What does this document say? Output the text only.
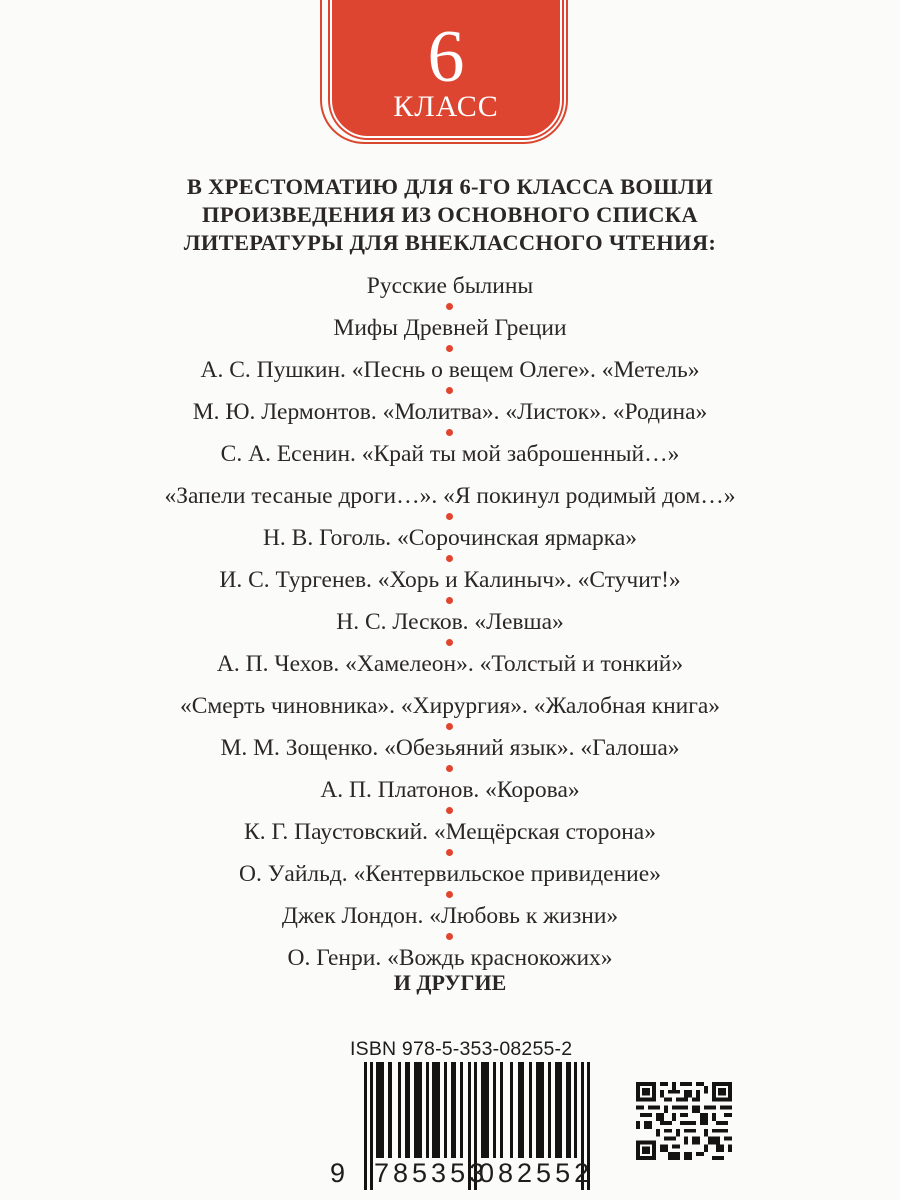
6
КЛАСС
В ХРЕСТОМАТИЮ ДЛЯ 6-ГО КЛАССА ВОШЛИ
ПРОИЗВЕДЕНИЯ ИЗ ОСНОВНОГО СПИСКА
ЛИТЕРАТУРЫ ДЛЯ ВНЕКЛАССНОГО ЧТЕНИЯ:
Русские былины
Мифы Древней Греции
А. С. Пушкин. «Песнь о вещем Олеге». «Метель»
М. Ю. Лермонтов. «Молитва». «Листок». «Родина»
С. А. Есенин. «Край ты мой заброшенный…»
«Запели тесаные дроги…». «Я покинул родимый дом…»
Н. В. Гоголь. «Сорочинская ярмарка»
И. С. Тургенев. «Хорь и Калиныч». «Стучит!»
Н. С. Лесков. «Левша»
А. П. Чехов. «Хамелеон». «Толстый и тонкий»
«Смерть чиновника». «Хирургия». «Жалобная книга»
М. М. Зощенко. «Обезьяний язык». «Галоша»
А. П. Платонов. «Корова»
К. Г. Паустовский. «Мещёрская сторона»
О. Уайльд. «Кентервильское привидение»
Джек Лондон. «Любовь к жизни»
О. Генри. «Вождь краснокожих»
И ДРУГИЕ
ISBN 978-5-353-08255-2
9 785353
082552
